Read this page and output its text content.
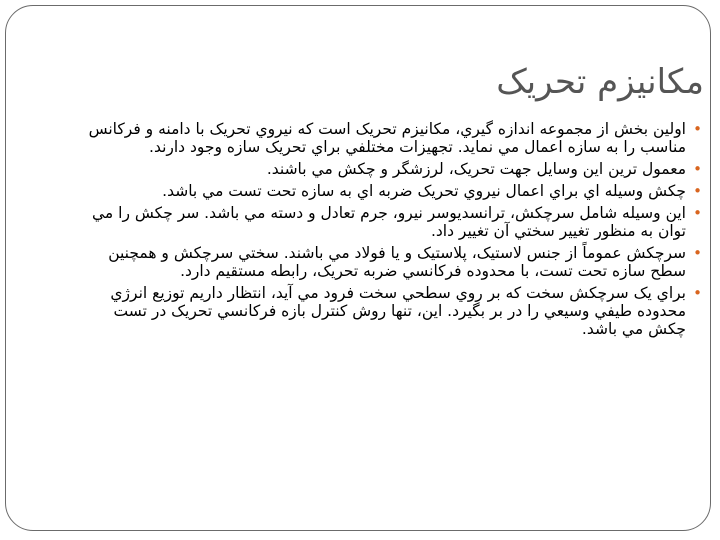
مکانيزم تحريک
•
اولين بخش از مجموعه اندازه گيري، مکانيزم تحريک است که نيروي تحريک با دامنه و فرکانس مناسب را به سازه اعمال مي نمايد. تجهيزات مختلفي براي تحريک سازه وجود دارند.
•
معمول ترين اين وسايل جهت تحريک، لرزشگر و چکش مي باشند.
•
چکش وسيله اي براي اعمال نيروي تحريک ضربه اي به سازه تحت تست مي باشد.
•
اين وسيله شامل سرچکش، ترانسديوسر نيرو، جرم تعادل و دسته مي باشد. سر چکش را مي توان به منظور تغيير سختي آن تغيير داد.
•
سرچکش عموماً از جنس لاستيک، پلاستيک و يا فولاد مي باشند. سختي سرچکش و همچنين سطح سازه تحت تست، با محدوده فرکانسي ضربه تحريک، رابطه مستقيم دارد.
•
براي يک سرچکش سخت که بر روي سطحي سخت فرود مي آيد، انتظار داريم توزيع انرژي محدوده طيفي وسيعي را در بر بگيرد. اين، تنها روش کنترل بازه فرکانسي تحريک در تست چکش مي باشد.
